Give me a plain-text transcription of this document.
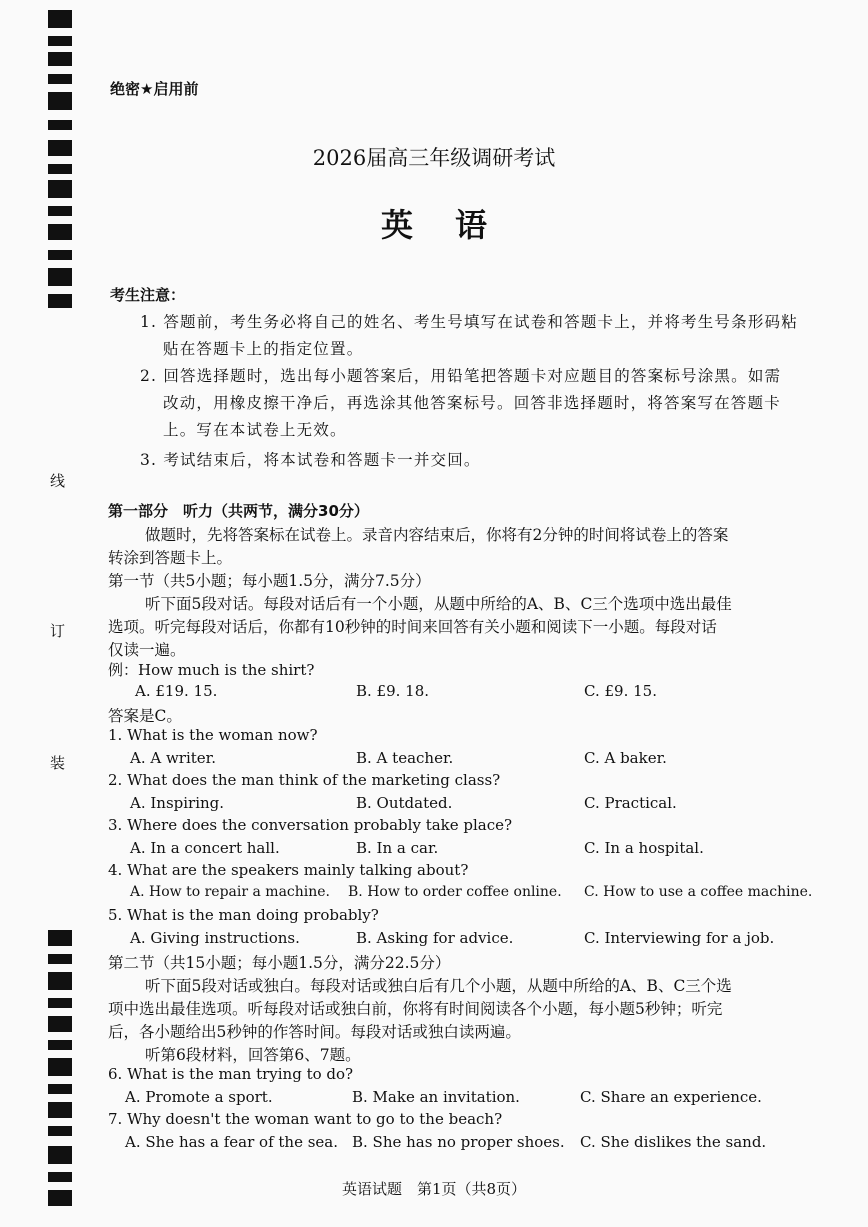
线
订
装
绝密★启用前
2026届高三年级调研考试
英语
考生注意：
1. 答题前，考生务必将自己的姓名、考生号填写在试卷和答题卡上，并将考生号条形码粘
贴在答题卡上的指定位置。
2. 回答选择题时，选出每小题答案后，用铅笔把答题卡对应题目的答案标号涂黑。如需
改动，用橡皮擦干净后，再选涂其他答案标号。回答非选择题时，将答案写在答题卡
上。写在本试卷上无效。
3. 考试结束后，将本试卷和答题卡一并交回。
第一部分　听力（共两节，满分30分）
做题时，先将答案标在试卷上。录音内容结束后，你将有2分钟的时间将试卷上的答案
转涂到答题卡上。
第一节（共5小题；每小题1.5分，满分7.5分）
听下面5段对话。每段对话后有一个小题，从题中所给的A、B、C三个选项中选出最佳
选项。听完每段对话后，你都有10秒钟的时间来回答有关小题和阅读下一小题。每段对话
仅读一遍。
例：How much is the shirt?
A. £19. 15.	B. £9. 18.	C. £9. 15.
答案是C。
1. What is the woman now?
A. A writer.	B. A teacher.	C. A baker.
2. What does the man think of the marketing class?
A. Inspiring.	B. Outdated.	C. Practical.
3. Where does the conversation probably take place?
A. In a concert hall.	B. In a car.	C. In a hospital.
4. What are the speakers mainly talking about?
A. How to repair a machine. B. How to order coffee online. C. How to use a coffee machine.
5. What is the man doing probably?
A. Giving instructions.	B. Asking for advice.	C. Interviewing for a job.
第二节（共15小题；每小题1.5分，满分22.5分）
听下面5段对话或独白。每段对话或独白后有几个小题，从题中所给的A、B、C三个选
项中选出最佳选项。听每段对话或独白前，你将有时间阅读各个小题，每小题5秒钟；听完
后，各小题给出5秒钟的作答时间。每段对话或独白读两遍。
听第6段材料，回答第6、7题。
6. What is the man trying to do?
A. Promote a sport.	B. Make an invitation.	C. Share an experience.
7. Why doesn't the woman want to go to the beach?
A. She has a fear of the sea. B. She has no proper shoes. C. She dislikes the sand.
英语试题　第1页（共8页）
